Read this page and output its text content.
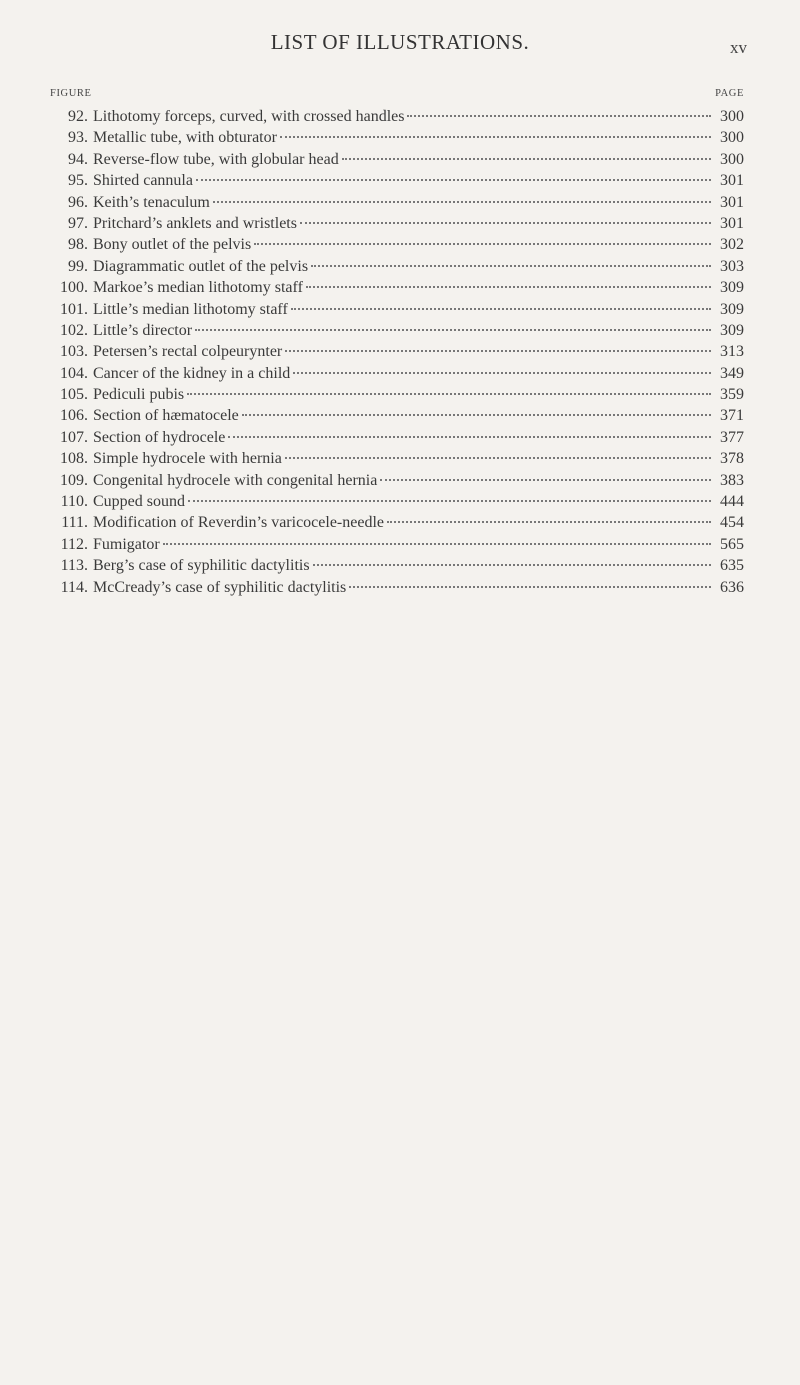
LIST OF ILLUSTRATIONS.	xv
FIGURE	PAGE
92. Lithotomy forceps, curved, with crossed handles	300
93. Metallic tube, with obturator	300
94. Reverse-flow tube, with globular head	300
95. Shirted cannula	301
96. Keith’s tenaculum	301
97. Pritchard’s anklets and wristlets	301
98. Bony outlet of the pelvis	302
99. Diagrammatic outlet of the pelvis	303
100. Markoe’s median lithotomy staff	309
101. Little’s median lithotomy staff	309
102. Little’s director	309
103. Petersen’s rectal colpeurynter	313
104. Cancer of the kidney in a child	349
105. Pediculi pubis	359
106. Section of hæmatocele	371
107. Section of hydrocele	377
108. Simple hydrocele with hernia	378
109. Congenital hydrocele with congenital hernia	383
110. Cupped sound	444
111. Modification of Reverdin’s varicocele-needle	454
112. Fumigator	565
113. Berg’s case of syphilitic dactylitis	635
114. McCready’s case of syphilitic dactylitis	636
